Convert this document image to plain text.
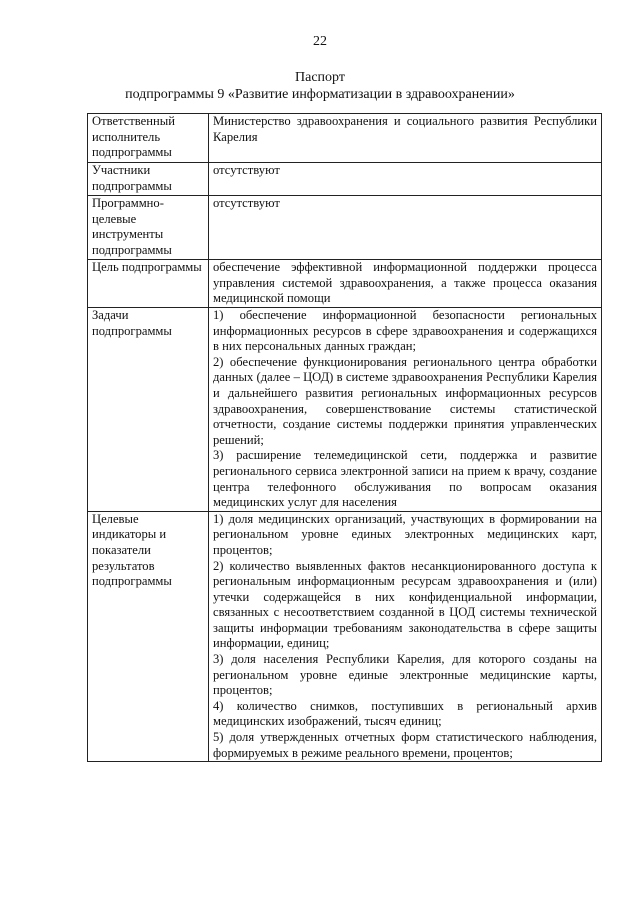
22
Паспорт
подпрограммы 9 «Развитие информатизации в здравоохранении»
Ответственный исполнитель подпрограммы	Министерство здравоохранения и социального развития Республики Карелия

Участники подпрограммы	отсутствуют

Программно-целевые инструменты подпрограммы	отсутствуют

Цель подпрограммы	обеспечение эффективной информационной поддержки процесса управления системой здравоохранения, а также процесса оказания медицинской помощи

Задачи подпрограммы	1) обеспечение информационной безопасности региональных информационных ресурсов в сфере здравоохранения и содержащихся в них персональных данных граждан;

2) обеспечение функционирования регионального центра обработки данных (далее – ЦОД) в системе здравоохранения Республики Карелия и дальнейшего развития региональных информационных ресурсов здравоохранения, совершенствование системы статистической отчетности, создание системы поддержки принятия управленческих решений;

3) расширение телемедицинской сети, поддержка и развитие регионального сервиса электронной записи на прием к врачу, создание центра телефонного обслуживания по вопросам оказания медицинских услуг для населения

Целевые индикаторы и показатели результатов подпрограммы	1) доля медицинских организаций, участвующих в формировании на региональном уровне единых электронных медицинских карт, процентов;

2) количество выявленных фактов несанкционированного доступа к региональным информационным ресурсам здравоохранения и (или) утечки содержащейся в них конфиденциальной информации, связанных с несоответствием созданной в ЦОД системы технической защиты информации требованиям законодательства в сфере защиты информации, единиц;

3) доля населения Республики Карелия, для которого созданы на региональном уровне единые электронные медицинские карты, процентов;

4) количество снимков, поступивших в региональный архив медицинских изображений, тысяч единиц;

5) доля утвержденных отчетных форм статистического наблюдения, формируемых в режиме реального времени, процентов;
